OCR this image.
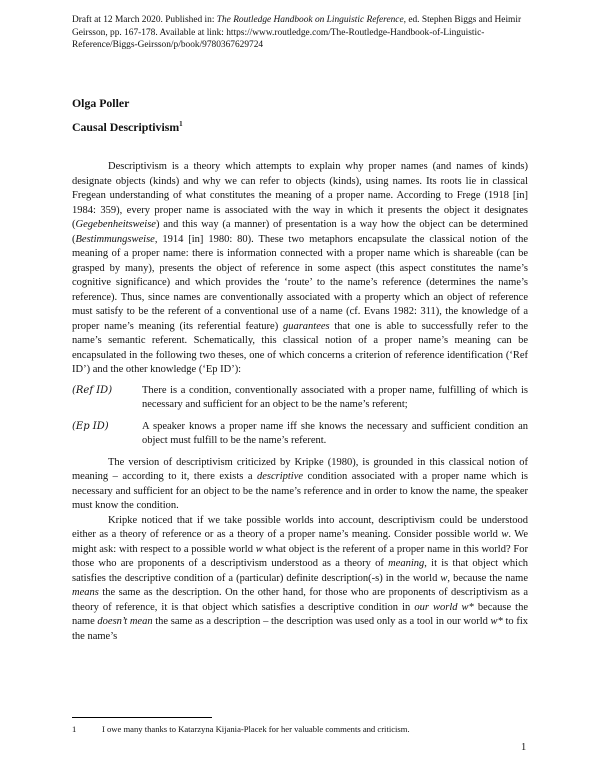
Draft at 12 March 2020. Published in: The Routledge Handbook on Linguistic Reference, ed. Stephen Biggs and Heimir Geirsson, pp. 167-178. Available at link: https://www.routledge.com/The-Routledge-Handbook-of-Linguistic-Reference/Biggs-Geirsson/p/book/9780367629724
Olga Poller
Causal Descriptivism$^1$

Descriptivism is a theory which attempts to explain why proper names (and names of kinds) designate objects (kinds) and why we can refer to objects (kinds), using names. Its roots lie in classical Fregean understanding of what constitutes the meaning of a proper name. According to Frege (1918 [in] 1984: 359), every proper name is associated with the way in which it presents the object it designates (Gegebenheitsweise) and this way (a manner) of presentation is a way how the object can be determined (Bestimmungsweise, 1914 [in] 1980: 80). These two metaphors encapsulate the classical notion of the meaning of a proper name: there is information connected with a proper name which is shareable (can be grasped by many), presents the object of reference in some aspect (this aspect constitutes the name’s cognitive significance) and which provides the ‘route’ to the name’s reference (determines the name’s reference). Thus, since names are conventionally associated with a property which an object of reference must satisfy to be the referent of a conventional use of a name (cf. Evans 1982: 311), the knowledge of a proper name’s meaning (its referential feature) guarantees that one is able to successfully refer to the name’s semantic referent. Schematically, this classical notion of a proper name’s meaning can be encapsulated in the following two theses, one of which concerns a criterion of reference identification (‘Ref ID’) and the other knowledge (‘Ep ID’):

(Ref ID)	There is a condition, conventionally associated with a proper name, fulfilling of which is necessary and sufficient for an object to be the name’s referent;
(Ep ID)	A speaker knows a proper name iff she knows the necessary and sufficient condition an object must fulfill to be the name’s referent.

The version of descriptivism criticized by Kripke (1980), is grounded in this classical notion of meaning – according to it, there exists a descriptive condition associated with a proper name which is necessary and sufficient for an object to be the name’s reference and in order to know the name, the speaker must know the condition.

Kripke noticed that if we take possible worlds into account, descriptivism could be understood either as a theory of reference or as a theory of a proper name’s meaning. Consider possible world w. We might ask: with respect to a possible world w what object is the referent of a proper name in this world? For those who are proponents of a descriptivism understood as a theory of meaning, it is that object which satisfies the descriptive condition of a (particular) definite description(-s) in the world w, because the name means the same as the description. On the other hand, for those who are proponents of descriptivism as a theory of reference, it is that object which satisfies a descriptive condition in our world w* because the name doesn’t mean the same as a description – the description was used only as a tool in our world w* to fix the name’s

1	I owe many thanks to Katarzyna Kijania-Placek for her valuable comments and criticism.
1
